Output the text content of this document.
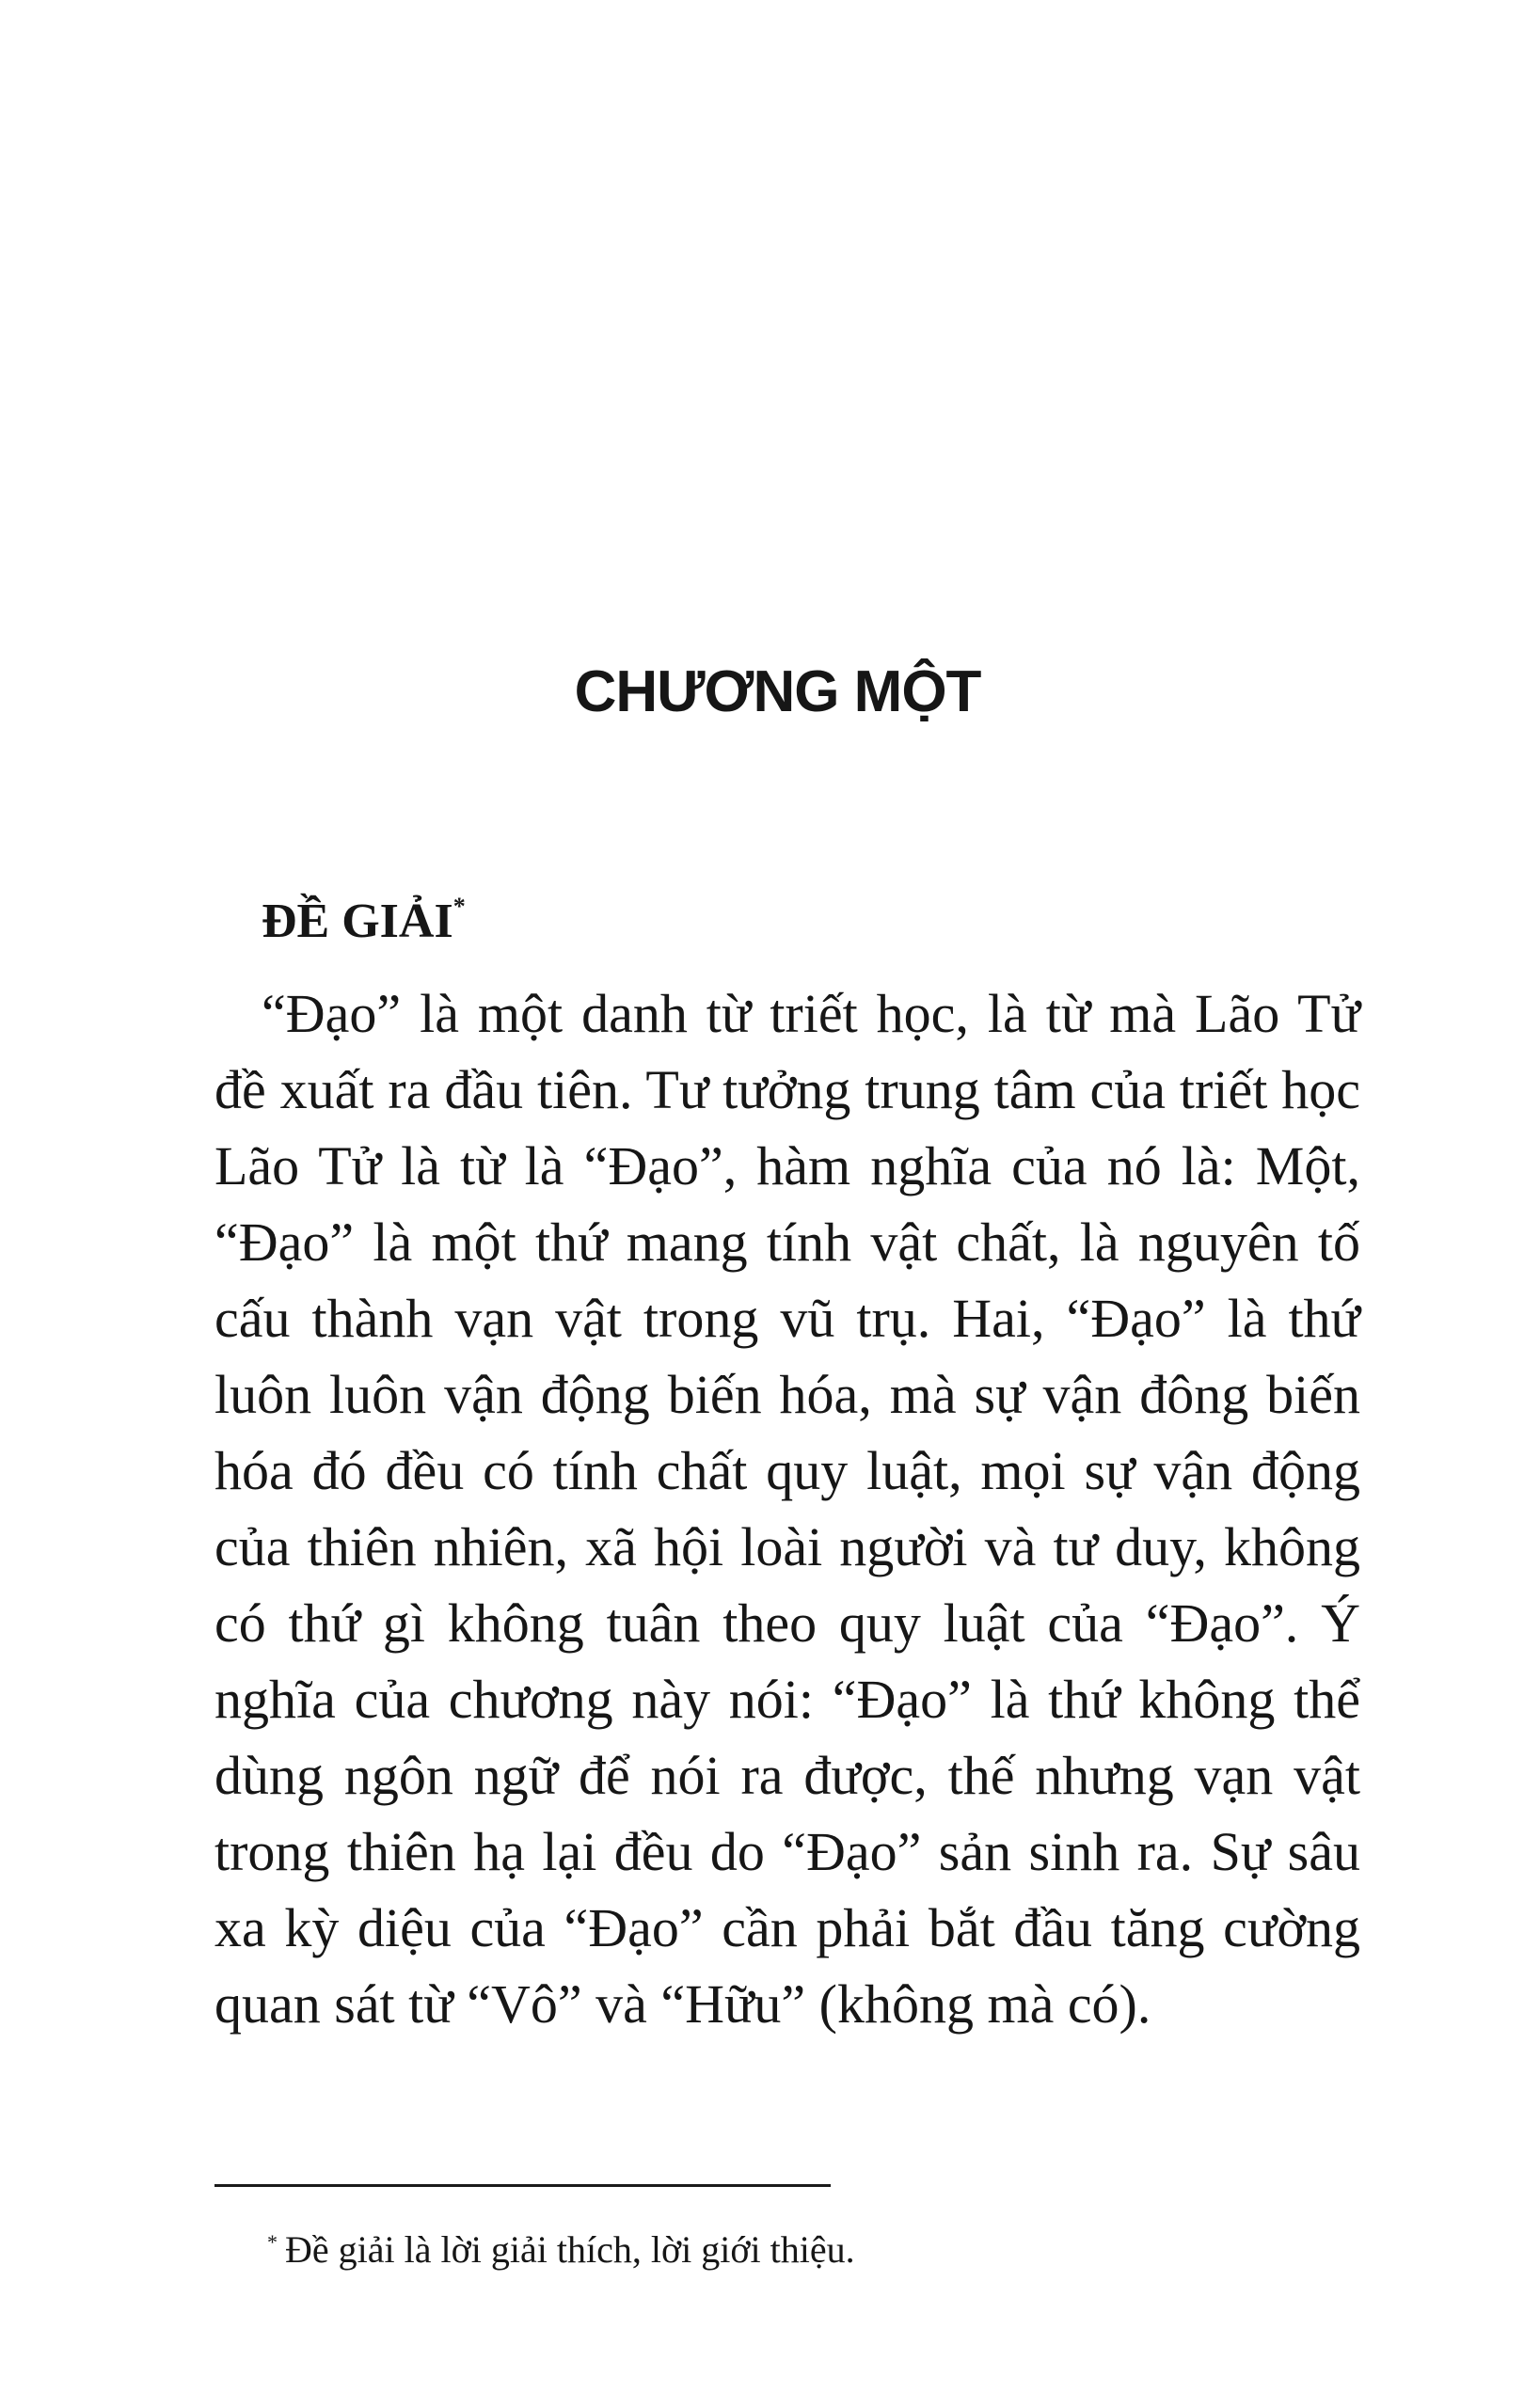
CHƯƠNG MỘT
ĐỀ GIẢI*

“Đạo” là một danh từ triết học, là từ mà Lão Tử đề xuất ra đầu tiên. Tư tưởng trung tâm của triết học Lão Tử là từ là “Đạo”, hàm nghĩa của nó là: Một, “Đạo” là một thứ mang tính vật chất, là nguyên tố cấu thành vạn vật trong vũ trụ. Hai, “Đạo” là thứ luôn luôn vận động biến hóa, mà sự vận đông biến hóa đó đều có tính chất quy luật, mọi sự vận động của thiên nhiên, xã hội loài người và tư duy, không có thứ gì không tuân theo quy luật của “Đạo”. Ý nghĩa của chương này nói: “Đạo” là thứ không thể dùng ngôn ngữ để nói ra được, thế nhưng vạn vật trong thiên hạ lại đều do “Đạo” sản sinh ra. Sự sâu xa kỳ diệu của “Đạo” cần phải bắt đầu tăng cường quan sát từ “Vô” và “Hữu” (không mà có).

* Đề giải là lời giải thích, lời giới thiệu.
